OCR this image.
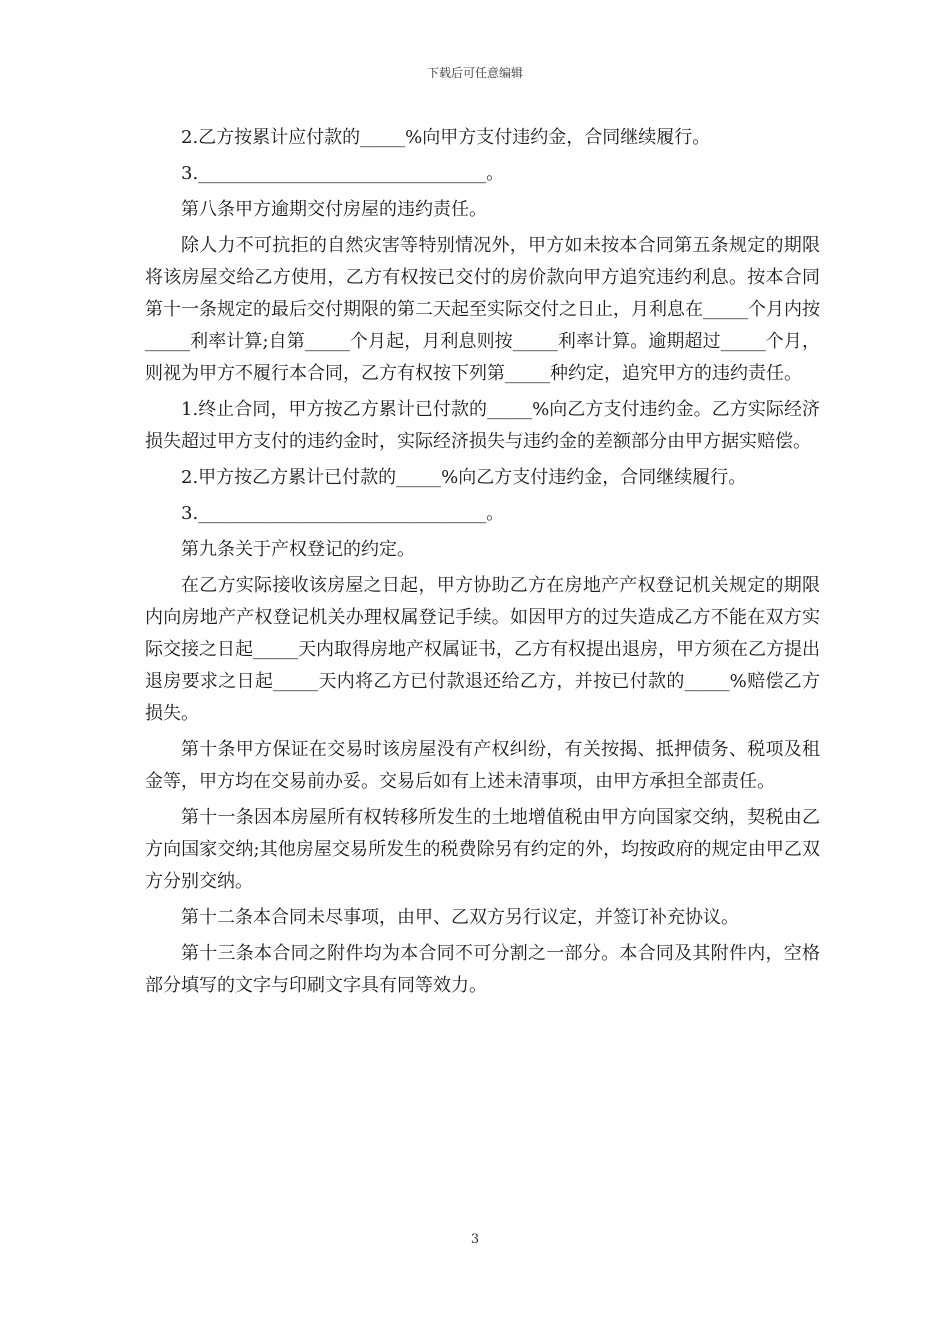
下载后可任意编辑

2.乙方按累计应付款的_____%向甲方支付违约金，合同继续履行。

3.________________________________。

第八条甲方逾期交付房屋的违约责任。

除人力不可抗拒的自然灾害等特别情况外，甲方如未按本合同第五条规定的期限将该房屋交给乙方使用，乙方有权按已交付的房价款向甲方追究违约利息。按本合同第十一条规定的最后交付期限的第二天起至实际交付之日止，月利息在_____个月内按_____利率计算;自第_____个月起，月利息则按_____利率计算。逾期超过_____个月，则视为甲方不履行本合同，乙方有权按下列第_____种约定，追究甲方的违约责任。

1.终止合同，甲方按乙方累计已付款的_____%向乙方支付违约金。乙方实际经济损失超过甲方支付的违约金时，实际经济损失与违约金的差额部分由甲方据实赔偿。

2.甲方按乙方累计已付款的_____%向乙方支付违约金，合同继续履行。

3.________________________________。

第九条关于产权登记的约定。

在乙方实际接收该房屋之日起，甲方协助乙方在房地产产权登记机关规定的期限内向房地产产权登记机关办理权属登记手续。如因甲方的过失造成乙方不能在双方实际交接之日起_____天内取得房地产权属证书，乙方有权提出退房，甲方须在乙方提出退房要求之日起_____天内将乙方已付款退还给乙方，并按已付款的_____%赔偿乙方损失。

第十条甲方保证在交易时该房屋没有产权纠纷，有关按揭、抵押债务、税项及租金等，甲方均在交易前办妥。交易后如有上述未清事项，由甲方承担全部责任。

第十一条因本房屋所有权转移所发生的土地增值税由甲方向国家交纳，契税由乙方向国家交纳;其他房屋交易所发生的税费除另有约定的外，均按政府的规定由甲乙双方分别交纳。

第十二条本合同未尽事项，由甲、乙双方另行议定，并签订补充协议。

第十三条本合同之附件均为本合同不可分割之一部分。本合同及其附件内，空格部分填写的文字与印刷文字具有同等效力。

3
